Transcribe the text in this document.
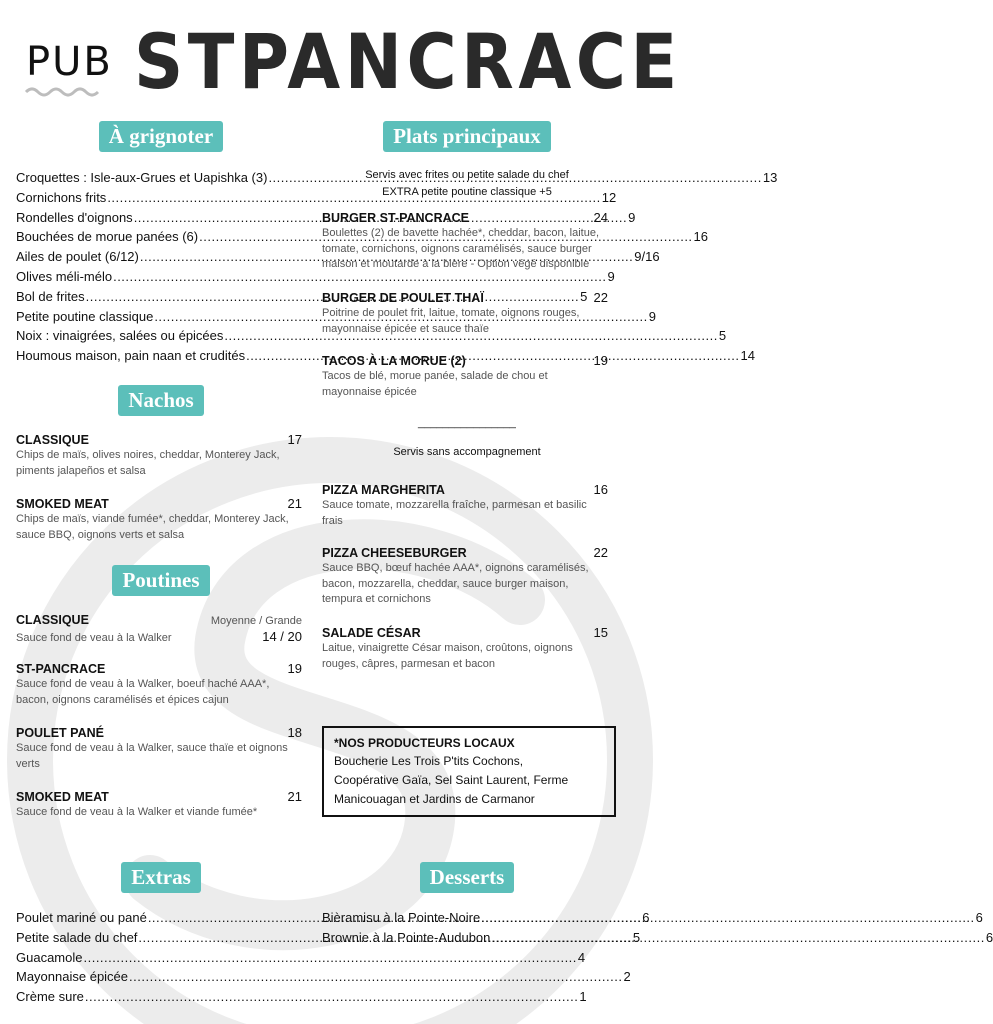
PUB STPANCRACE
À grignoter
Croquettes : Isle-aux-Grues et Uapishka (3)
.....	13
Cornichons frits
.....	12
Rondelles d'oignons
.....	9
Bouchées de morue panées (6)
.....	16
Ailes de poulet (6/12)
.....	9/16
Olives méli-mélo
.....	9
Bol de frites
.....	5
Petite poutine classique
.....	9
Noix : vinaigrées, salées ou épicées
.....	5
Houmous maison, pain naan et crudités
.....	14
Nachos
CLASSIQUE	17
Chips de maïs, olives noires, cheddar, Monterey Jack, piments jalapeños et salsa
SMOKED MEAT	21
Chips de maïs, viande fumée*, cheddar, Monterey Jack, sauce BBQ, oignons verts et salsa
Poutines
CLASSIQUE	Moyenne / Grande
Sauce fond de veau à la Walker	14 / 20
ST-PANCRACE	19
Sauce fond de veau à la Walker, boeuf haché AAA*, bacon, oignons caramélisés et épices cajun
POULET PANÉ	18
Sauce fond de veau à la Walker, sauce thaïe et oignons verts
SMOKED MEAT	21
Sauce fond de veau à la Walker et viande fumée*
Extras
Poulet mariné ou pané
.....	6
Petite salade du chef
.....	5
Guacamole
.....	4
Mayonnaise épicée
.....	2
Crème sure
.....	1
Plats principaux
Servis avec frites ou petite salade du chef
EXTRA petite poutine classique +5
BURGER ST-PANCRACE	24
Boulettes (2) de bavette hachée*, cheddar, bacon, laitue, tomate, cornichons, oignons caramélisés, sauce burger maison et moutarde à la bière - Option végé disponible
BURGER DE POULET THAÏ	22
Poitrine de poulet frit, laitue, tomate, oignons rouges, mayonnaise épicée et sauce thaïe
TACOS À LA MORUE (2)	19
Tacos de blé, morue panée, salade de chou et mayonnaise épicée
________________
Servis sans accompagnement
PIZZA MARGHERITA	16
Sauce tomate, mozzarella fraîche, parmesan et basilic frais
PIZZA CHEESEBURGER	22
Sauce BBQ, bœuf hachée AAA*, oignons caramélisés, bacon, mozzarella, cheddar, sauce burger maison, tempura et cornichons
SALADE CÉSAR	15
Laitue, vinaigrette César maison, croûtons, oignons rouges, câpres, parmesan et bacon
*NOS PRODUCTEURS LOCAUX
Boucherie Les Trois P'tits Cochons,
Coopérative Gaïa, Sel Saint Laurent, Ferme
Manicouagan et Jardins de Carmanor
Desserts
Bièramisu à la Pointe-Noire
.....	6
Brownie à la Pointe-Audubon
.....	6
